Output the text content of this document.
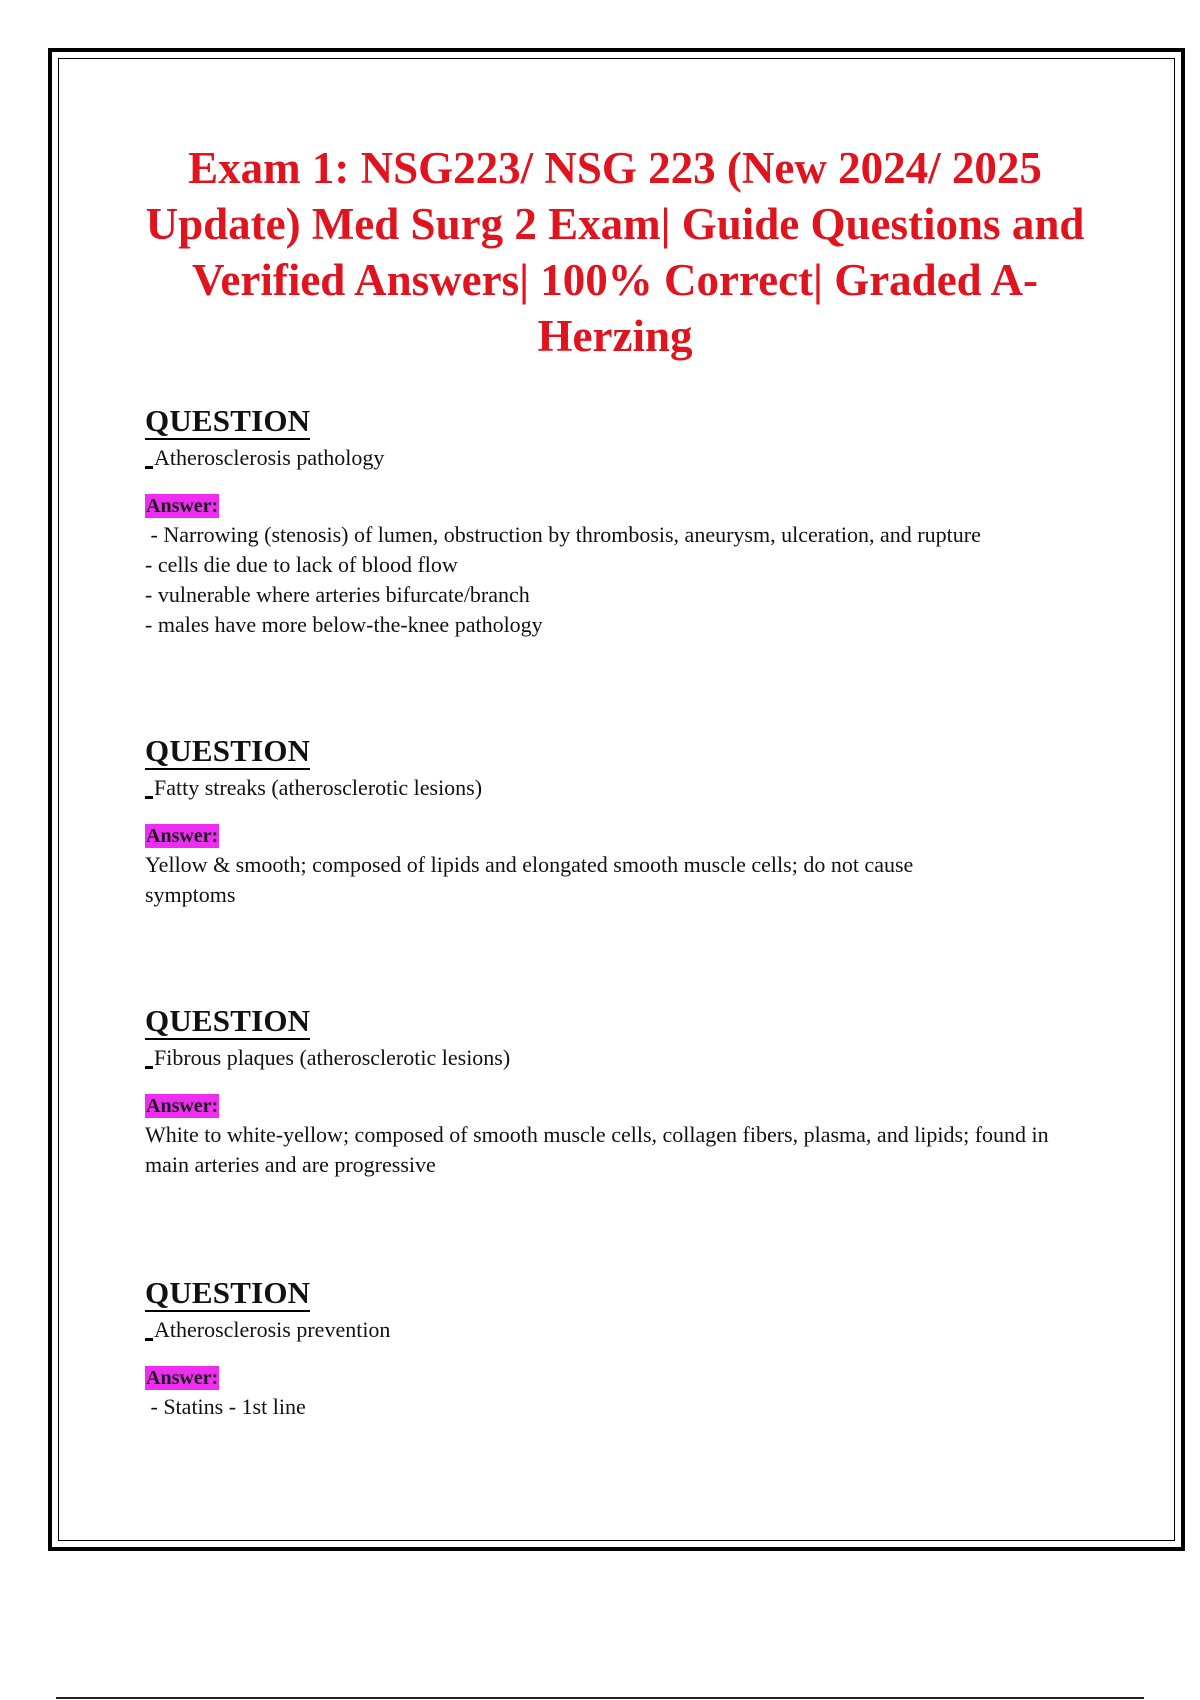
Exam 1: NSG223/ NSG 223 (New 2024/ 2025 Update) Med Surg 2 Exam| Guide Questions and Verified Answers| 100% Correct| Graded A- Herzing
QUESTION
Atherosclerosis pathology
Answer:
- Narrowing (stenosis) of lumen, obstruction by thrombosis, aneurysm, ulceration, and rupture
- cells die due to lack of blood flow
- vulnerable where arteries bifurcate/branch
- males have more below-the-knee pathology
QUESTION
Fatty streaks (atherosclerotic lesions)
Answer:
Yellow & smooth; composed of lipids and elongated smooth muscle cells; do not cause symptoms
QUESTION
Fibrous plaques (atherosclerotic lesions)
Answer:
White to white-yellow; composed of smooth muscle cells, collagen fibers, plasma, and lipids; found in main arteries and are progressive
QUESTION
Atherosclerosis prevention
Answer:
- Statins - 1st line
